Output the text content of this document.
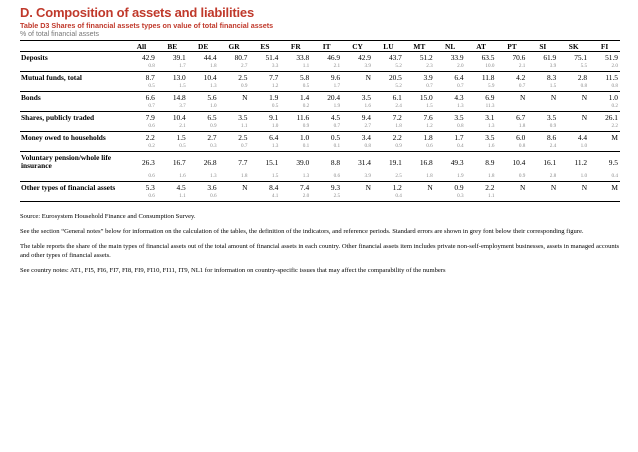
D. Composition of assets and liabilities
Table D3 Shares of financial assets types on value of total financial assets
% of total financial assets
	All	BE	DE	GR	ES	FR	IT	CY	LU	MT	NL	AT	PT	SI	SK	FI
Deposits	42.9	39.1	44.4	80.7	51.4	33.8	46.9	42.9	43.7	51.2	33.9	63.5	70.6	61.9	75.1	51.9
	0.8	1.7	1.8	2.7	3.3	1.1	2.1	3.9	5.2	2.3	2.0	10.0	2.1	3.9	5.5	2.0
Mutual funds, total	8.7	13.0	10.4	2.5	7.7	5.8	9.6	N	20.5	3.9	6.4	11.8	4.2	8.3	2.8	11.5
	0.5	1.5	1.3	0.9	1.2	0.5	1.7		5.2	0.7	0.7	5.9	0.7	1.5	0.8	0.8
Bonds	6.6	14.8	5.6	N	1.9	1.4	20.4	3.5	6.1	15.0	4.3	6.9	N	N	N	1.0
	0.7	3.7	1.0		0.5	0.2	1.9	1.6	2.4	1.5	1.3	11.3				0.2
Shares, publicly traded	7.9	10.4	6.5	3.5	9.1	11.6	4.5	9.4	7.2	7.6	3.5	3.1	6.7	3.5	N	26.1
	0.6	2.1	0.9	1.1	1.0	0.9	0.7	2.7	1.8	1.2	0.8	1.3	1.8	0.9		2.2
Money owed to households	2.2	1.5	2.7	2.5	6.4	1.0	0.5	3.4	2.2	1.8	1.7	3.5	6.0	8.6	4.4	M
	0.2	0.5	0.3	0.7	1.3	0.1	0.1	0.8	0.9	0.6	0.4	1.6	0.8	2.4	1.0	
Voluntary pension/whole life insurance	26.3	16.7	26.8	7.7	15.1	39.0	8.8	31.4	19.1	16.8	49.3	8.9	10.4	16.1	11.2	9.5
	0.6	1.6	1.3	1.8	1.5	1.3	0.6	3.9	2.5	1.8	1.9	1.8	0.9	2.8	1.0	0.4
Other types of financial assets	5.3	4.5	3.6	N	8.4	7.4	9.3	N	1.2	N	0.9	2.2	N	N	N	M
	0.6	1.1	0.6		4.1	2.0	2.5		0.4		0.3	1.1				

Source: Eurosystem Household Finance and Consumption Survey.

See the section “General notes” below for information on the calculation of the tables, the definition of the indicators, and reference periods. Standard errors are shown in grey font below their corresponding figure.

The table reports the share of the main types of financial assets out of the total amount of financial assets in each country. Other financial assets item includes private non-self-employment businesses, assets in managed accounts and other types of financial assets.

See country notes: AT1, FI5, FI6, FI7, FI8, FI9, FI10, FI11, IT9, NL1 for information on country-specific issues that may affect the comparability of the numbers
